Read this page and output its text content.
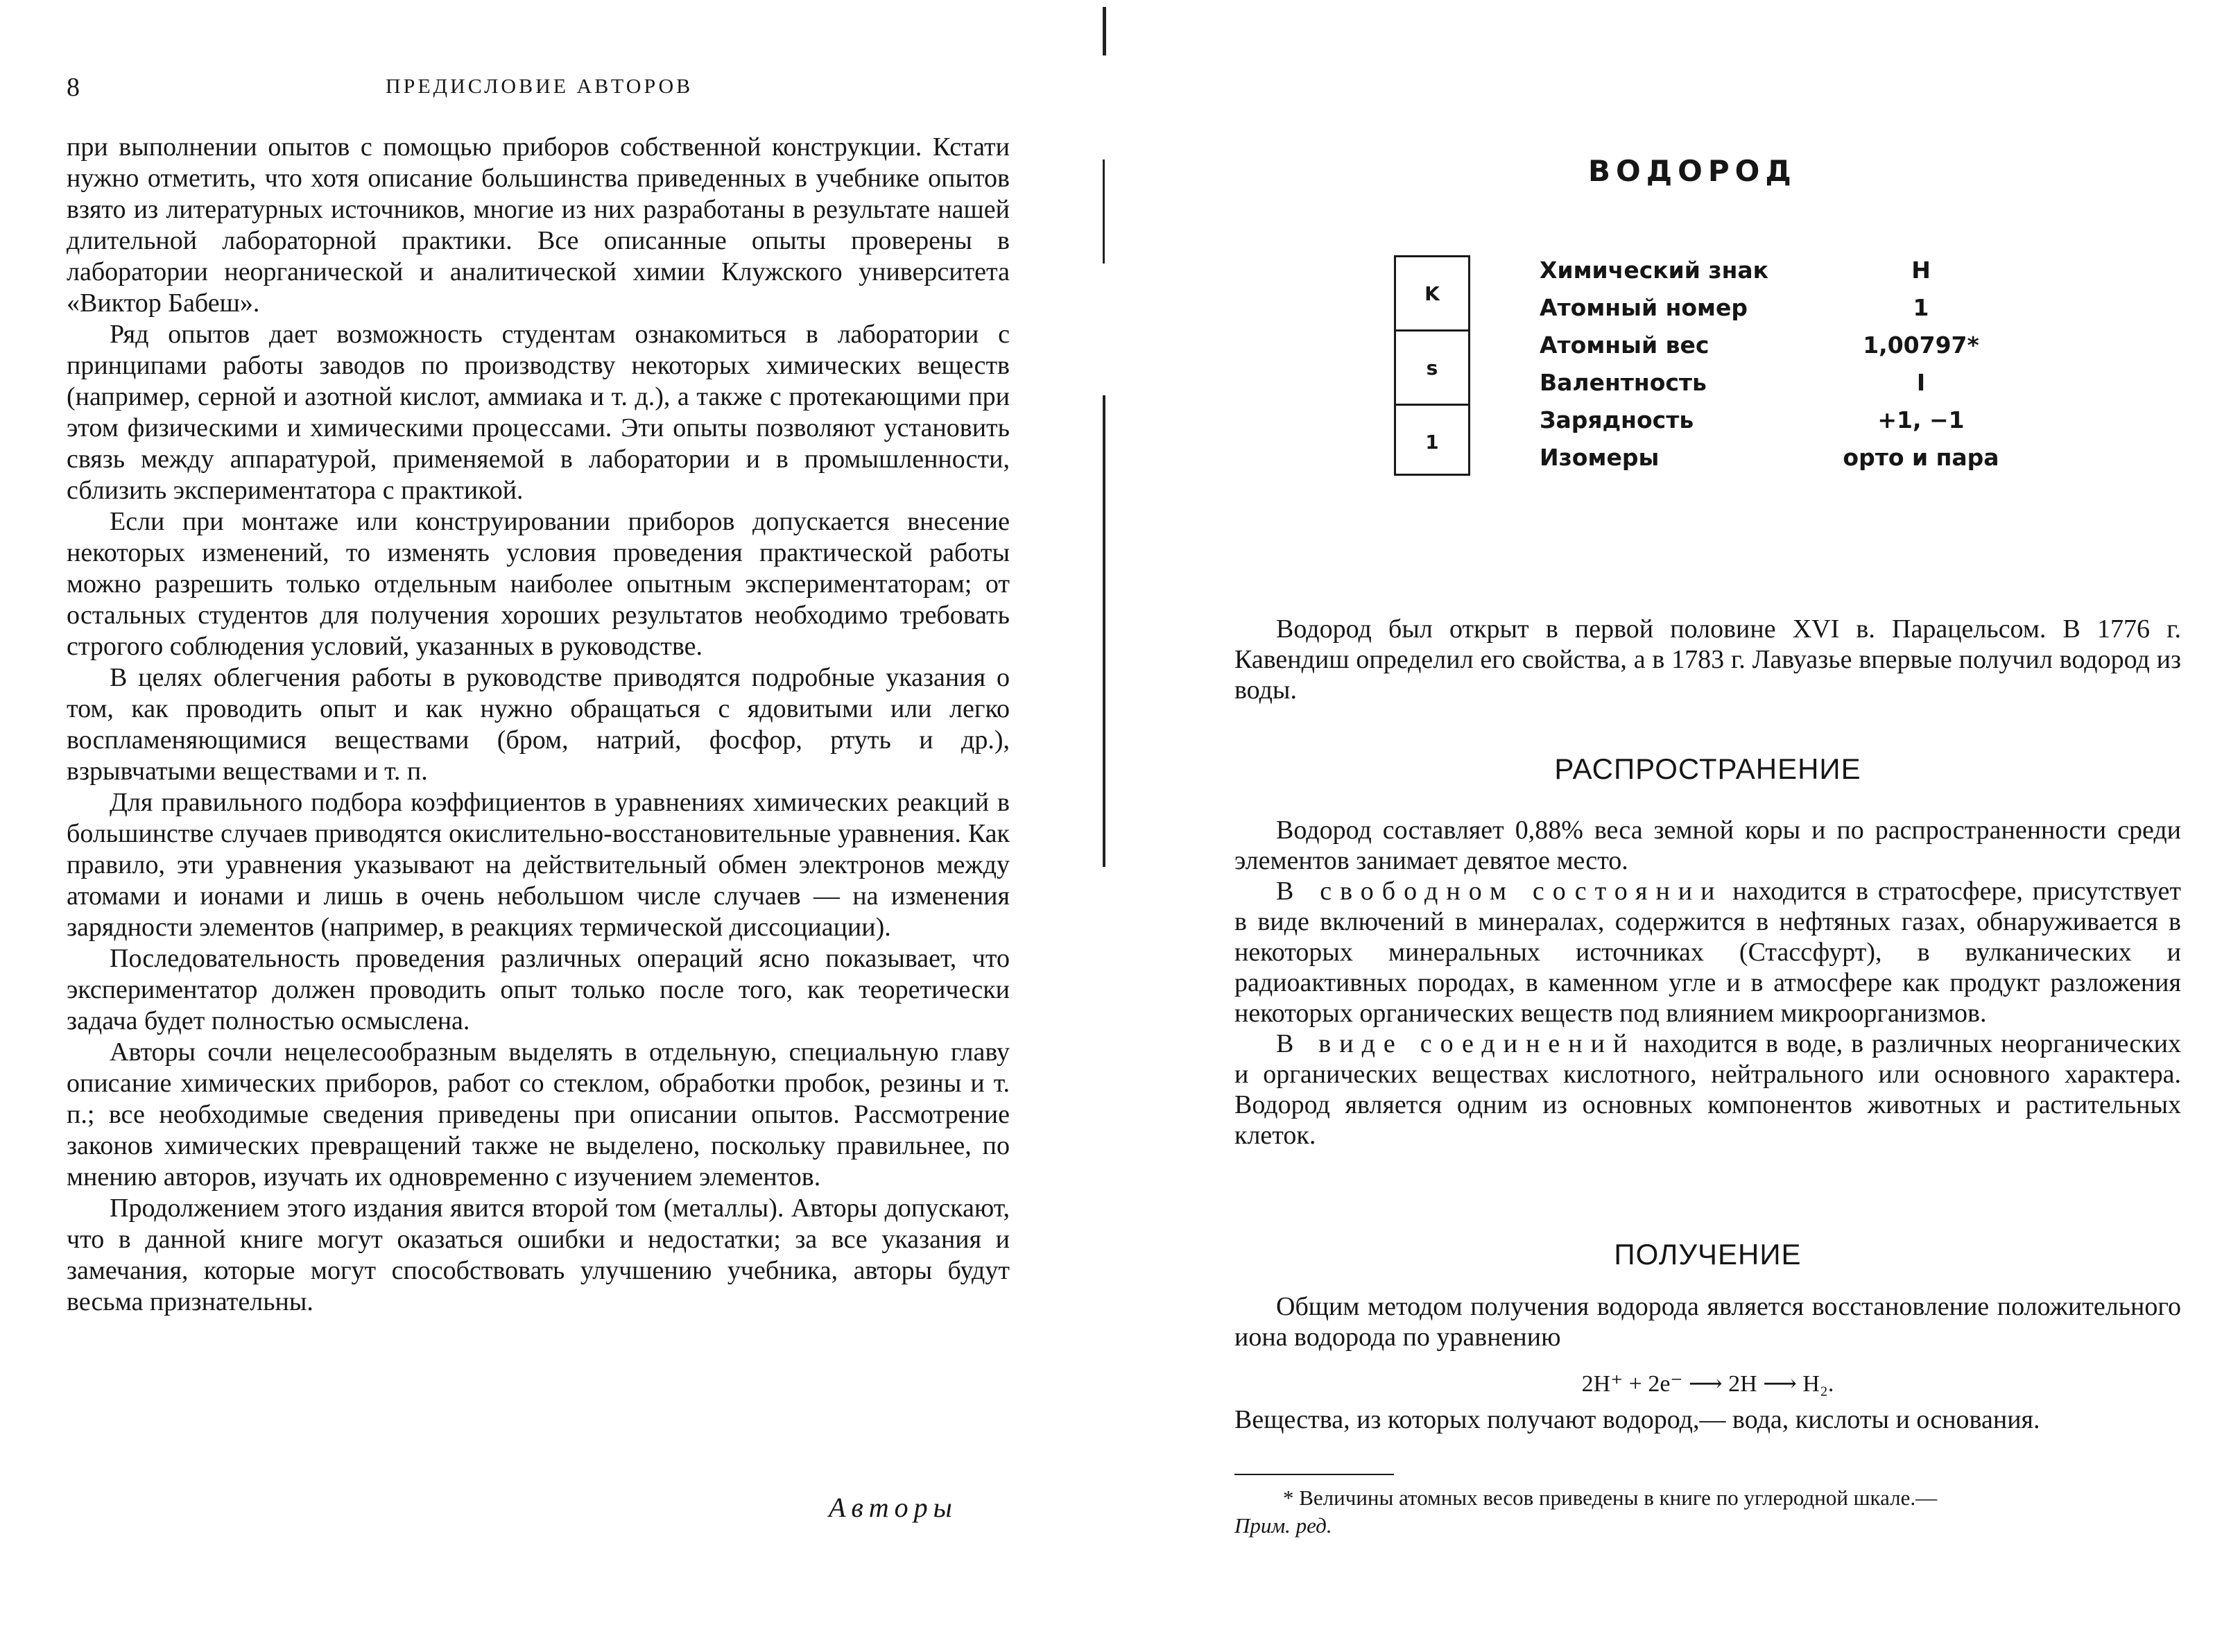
8	ПРЕДИСЛОВИЕ АВТОРОВ

при выполнении опытов с помощью приборов собственной конструкции. Кстати нужно отметить, что хотя описание большинства приведенных в учебнике опытов взято из литературных источников, многие из них разработаны в результате нашей длительной лабораторной практики. Все описанные опыты проверены в лаборатории неорганической и аналитической химии Клужского университета «Виктор Бабеш».

Ряд опытов дает возможность студентам ознакомиться в лаборатории с принципами работы заводов по производству некоторых химических веществ (например, серной и азотной кислот, аммиака и т. д.), а также с протекающими при этом физическими и химическими процессами. Эти опыты позволяют установить связь между аппаратурой, применяемой в лаборатории и в промышленности, сблизить экспериментатора с практикой.

Если при монтаже или конструировании приборов допускается внесение некоторых изменений, то изменять условия проведения практической работы можно разрешить только отдельным наиболее опытным экспериментаторам; от остальных студентов для получения хороших результатов необходимо требовать строгого соблюдения условий, указанных в руководстве.

В целях облегчения работы в руководстве приводятся подробные указания о том, как проводить опыт и как нужно обращаться с ядовитыми или легко воспламеняющимися веществами (бром, натрий, фосфор, ртуть и др.), взрывчатыми веществами и т. п.

Для правильного подбора коэффициентов в уравнениях химических реакций в большинстве случаев приводятся окислительно-восстановительные уравнения. Как правило, эти уравнения указывают на действительный обмен электронов между атомами и ионами и лишь в очень небольшом числе случаев — на изменения зарядности элементов (например, в реакциях термической диссоциации).

Последовательность проведения различных операций ясно показывает, что экспериментатор должен проводить опыт только после того, как теоретически задача будет полностью осмыслена.

Авторы сочли нецелесообразным выделять в отдельную, специальную главу описание химических приборов, работ со стеклом, обработки пробок, резины и т. п.; все необходимые сведения приведены при описании опытов. Рассмотрение законов химических превращений также не выделено, поскольку правильнее, по мнению авторов, изучать их одновременно с изучением элементов.

Продолжением этого издания явится второй том (металлы). Авторы допускают, что в данной книге могут оказаться ошибки и недостатки; за все указания и замечания, которые могут способствовать улучшению учебника, авторы будут весьма признательны.

Авторы
ВОДОРОД
K
s
1
Химический знак	H
Атомный номер	1
Атомный вес	1,00797*
Валентность	I
Зарядность	+1, −1
Изомеры	орто и пара

Водород был открыт в первой половине XVI в. Парацельсом. В 1776 г. Кавендиш определил его свойства, а в 1783 г. Лавуазье впервые получил водород из воды.

РАСПРОСТРАНЕНИЕ

Водород составляет 0,88% веса земной коры и по распространенности среди элементов занимает девятое место.

В свободном состоянии находится в стратосфере, присутствует в виде включений в минералах, содержится в нефтяных газах, обнаруживается в некоторых минеральных источниках (Стассфурт), в вулканических и радиоактивных породах, в каменном угле и в атмосфере как продукт разложения некоторых органических веществ под влиянием микроорганизмов.

В виде соединений находится в воде, в различных неорганических и органических веществах кислотного, нейтрального или основного характера. Водород является одним из основных компонентов животных и растительных клеток.

ПОЛУЧЕНИЕ

Общим методом получения водорода является восстановление положительного иона водорода по уравнению

2H⁺ + 2e⁻ ⟶ 2H ⟶ H₂.

Вещества, из которых получают водород,— вода, кислоты и основания.

* Величины атомных весов приведены в книге по углеродной шкале.—
Прим. ред.
